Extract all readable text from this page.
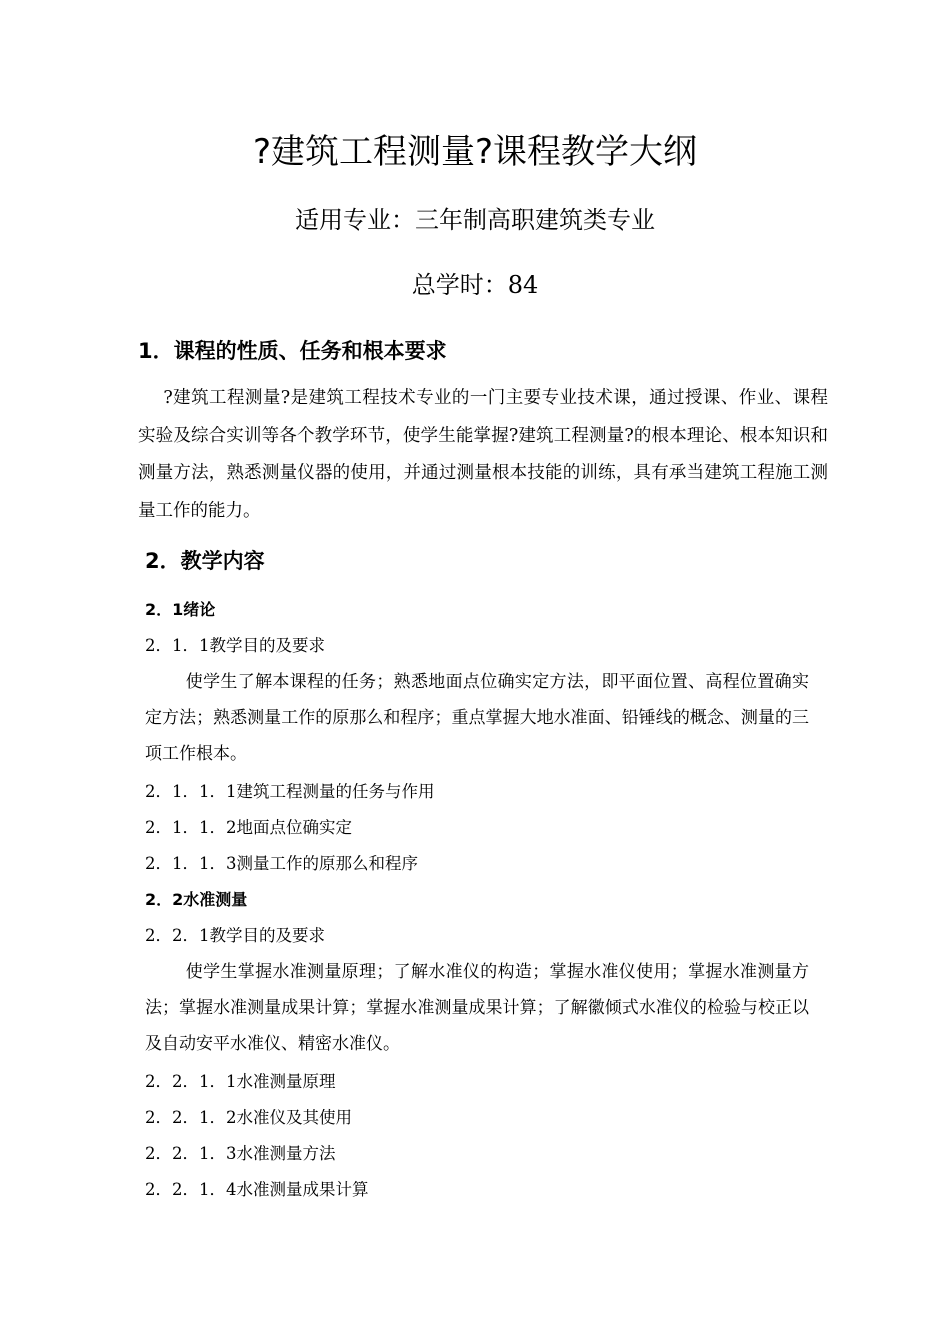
?建筑工程测量?课程教学大纲
适用专业：三年制高职建筑类专业
总学时：84
1．课程的性质、任务和根本要求

?建筑工程测量?是建筑工程技术专业的一门主要专业技术课，通过授课、作业、课程实验及综合实训等各个教学环节，使学生能掌握?建筑工程测量?的根本理论、根本知识和测量方法，熟悉测量仪器的使用，并通过测量根本技能的训练，具有承当建筑工程施工测量工作的能力。

2．教学内容
2．1绪论
2．1．1教学目的及要求

使学生了解本课程的任务；熟悉地面点位确实定方法，即平面位置、高程位置确实定方法；熟悉测量工作的原那么和程序；重点掌握大地水准面、铅锤线的概念、测量的三项工作根本。

2．1．1．1建筑工程测量的任务与作用
2．1．1．2地面点位确实定
2．1．1．3测量工作的原那么和程序
2．2水准测量
2．2．1教学目的及要求

使学生掌握水准测量原理；了解水准仪的构造；掌握水准仪使用；掌握水准测量方法；掌握水准测量成果计算；掌握水准测量成果计算；了解徽倾式水准仪的检验与校正以及自动安平水准仪、精密水准仪。

2．2．1．1水准测量原理
2．2．1．2水准仪及其使用
2．2．1．3水准测量方法
2．2．1．4水准测量成果计算
